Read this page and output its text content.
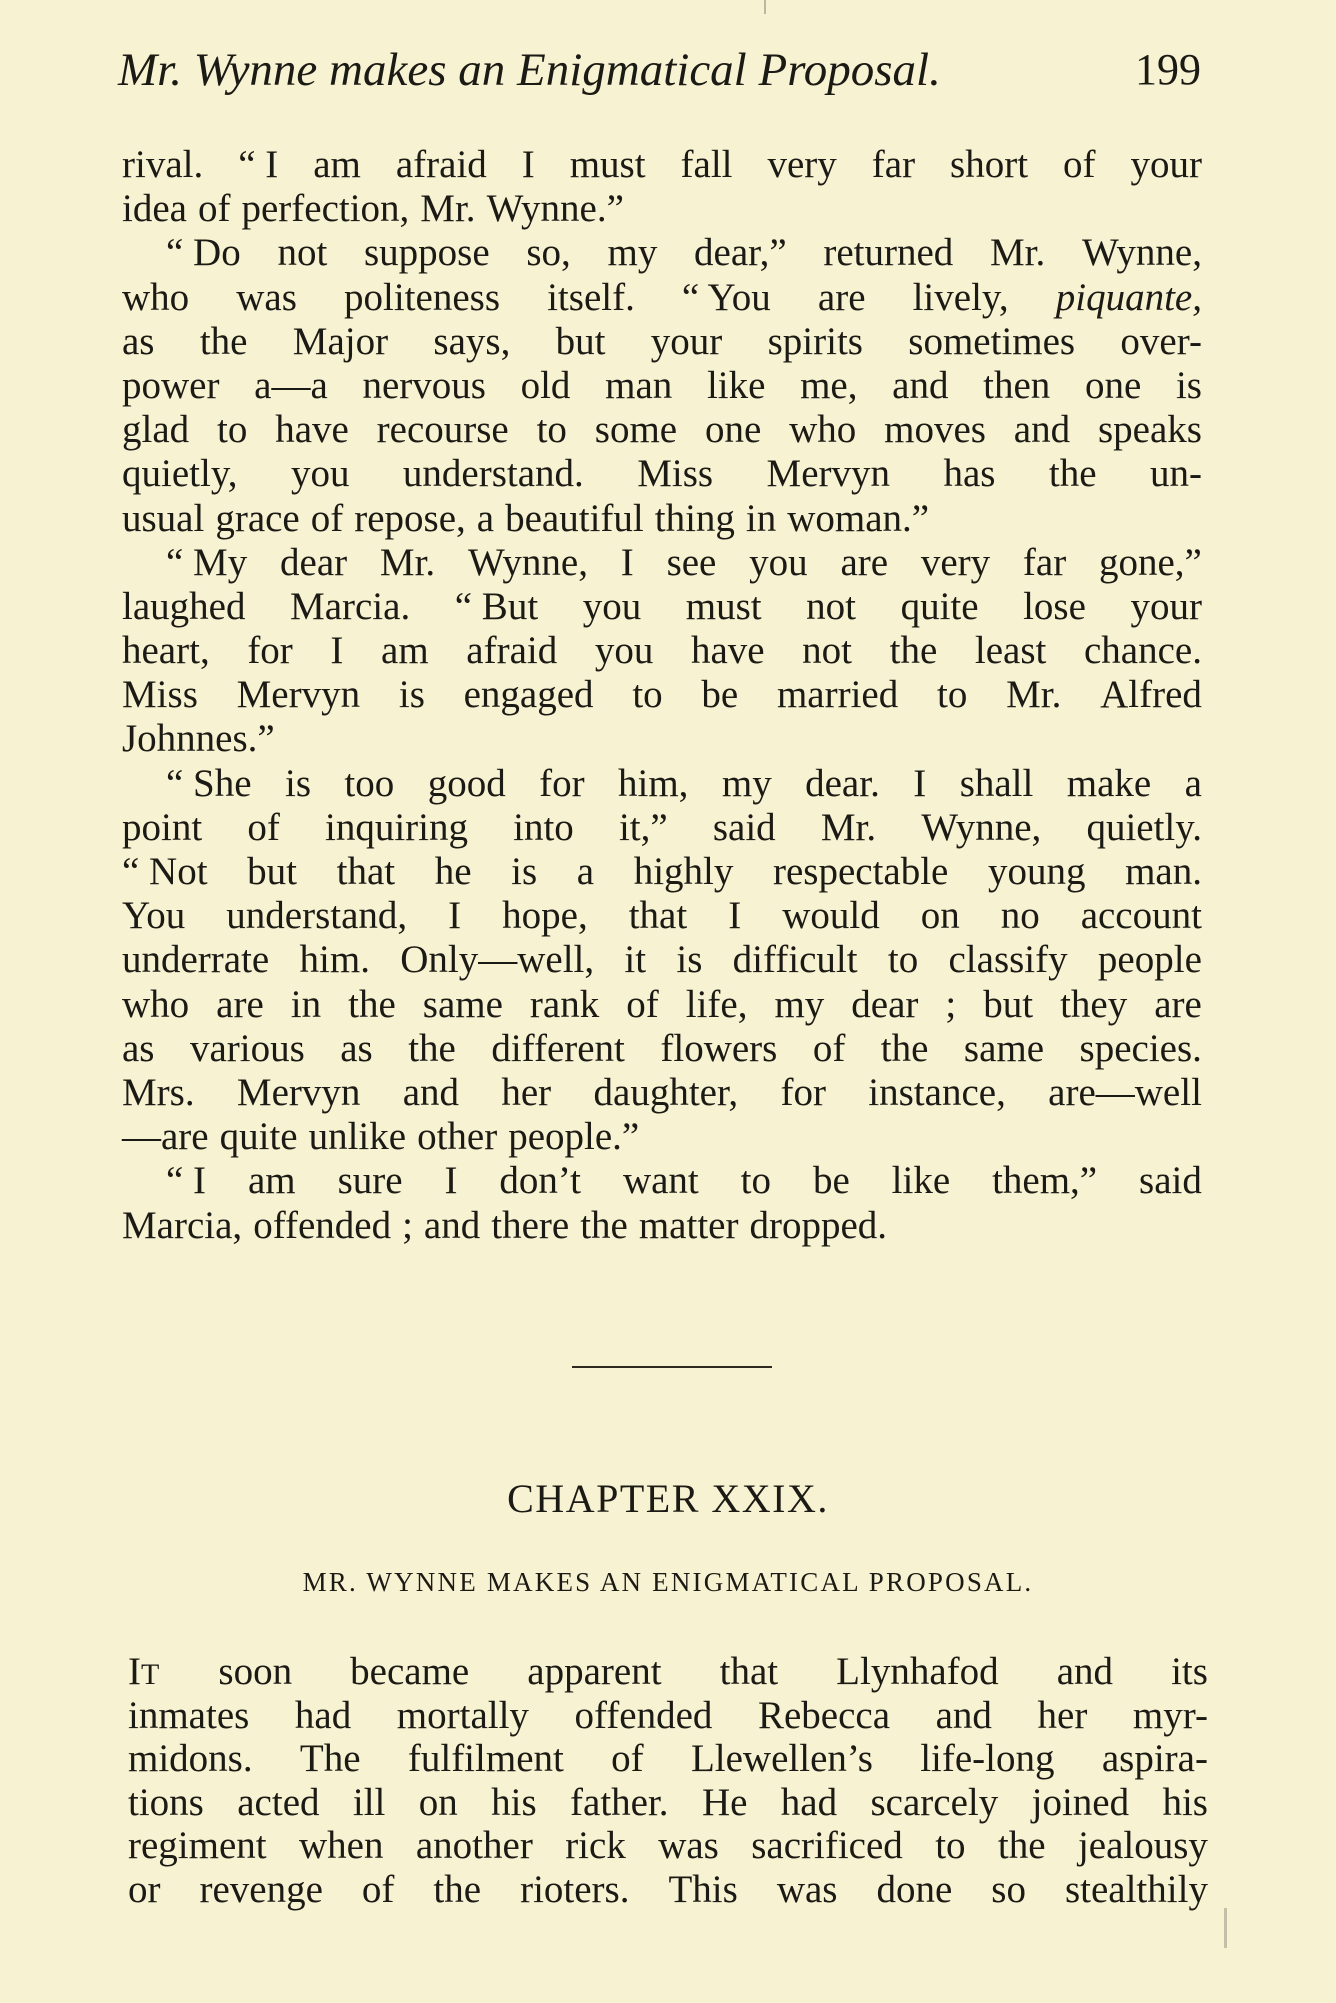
Mr. Wynne makes an Enigmatical Proposal.	199
rival. “ I am afraid I must fall very far short of your
idea of perfection, Mr. Wynne.”
“ Do not suppose so, my dear,” returned Mr. Wynne,
who was politeness itself. “ You are lively, piquante,
as the Major says, but your spirits sometimes over-
power a—a nervous old man like me, and then one is
glad to have recourse to some one who moves and speaks
quietly, you understand. Miss Mervyn has the un-
usual grace of repose, a beautiful thing in woman.”
“ My dear Mr. Wynne, I see you are very far gone,”
laughed Marcia. “ But you must not quite lose your
heart, for I am afraid you have not the least chance.
Miss Mervyn is engaged to be married to Mr. Alfred
Johnnes.”
“ She is too good for him, my dear. I shall make a
point of inquiring into it,” said Mr. Wynne, quietly.
“ Not but that he is a highly respectable young man.
You understand, I hope, that I would on no account
underrate him. Only—well, it is difficult to classify people
who are in the same rank of life, my dear ; but they are
as various as the different flowers of the same species.
Mrs. Mervyn and her daughter, for instance, are—well
—are quite unlike other people.”
“ I am sure I don’t want to be like them,” said
Marcia, offended ; and there the matter dropped.
CHAPTER XXIX.
MR. WYNNE MAKES AN ENIGMATICAL PROPOSAL.
IT soon became apparent that Llynhafod and its
inmates had mortally offended Rebecca and her myr-
midons. The fulfilment of Llewellen’s life-long aspira-
tions acted ill on his father. He had scarcely joined his
regiment when another rick was sacrificed to the jealousy
or revenge of the rioters. This was done so stealthily
